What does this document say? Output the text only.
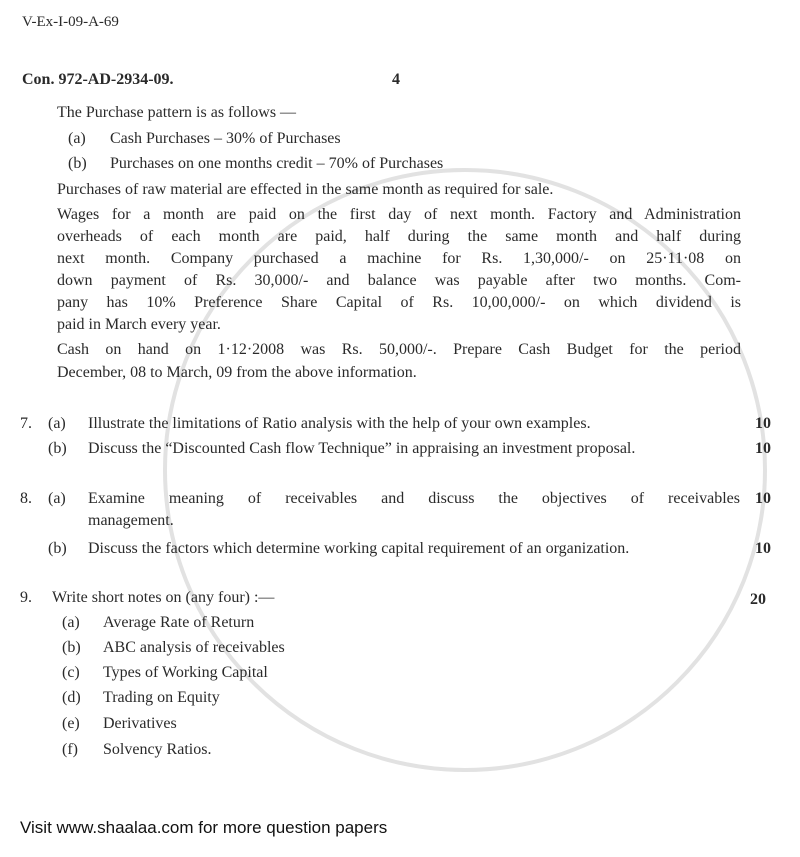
V-Ex-I-09-A-69
Con. 972-AD-2934-09.	4
The Purchase pattern is as follows —
(a) Cash Purchases – 30% of Purchases
(b) Purchases on one months credit – 70% of Purchases
Purchases of raw material are effected in the same month as required for sale.
Wages for a month are paid on the first day of next month. Factory and Administration
overheads of each month are paid, half during the same month and half during
next month. Company purchased a machine for Rs. 1,30,000/- on 25·11·08 on
down payment of Rs. 30,000/- and balance was payable after two months. Com-
pany has 10% Preference Share Capital of Rs. 10,00,000/- on which dividend is
paid in March every year.
Cash on hand on 1·12·2008 was Rs. 50,000/-. Prepare Cash Budget for the period
December, 08 to March, 09 from the above information.
7. (a) Illustrate the limitations of Ratio analysis with the help of your own examples.	10
(b) Discuss the “Discounted Cash flow Technique” in appraising an investment proposal.	10
8. (a) Examine meaning of receivables and discuss the objectives of receivables
management.
10
(b) Discuss the factors which determine working capital requirement of an organization.	10
9. Write short notes on (any four) :—	20
(a) Average Rate of Return
(b) ABC analysis of receivables
(c) Types of Working Capital
(d) Trading on Equity
(e) Derivatives
(f) Solvency Ratios.
Visit www.shaalaa.com for more question papers
